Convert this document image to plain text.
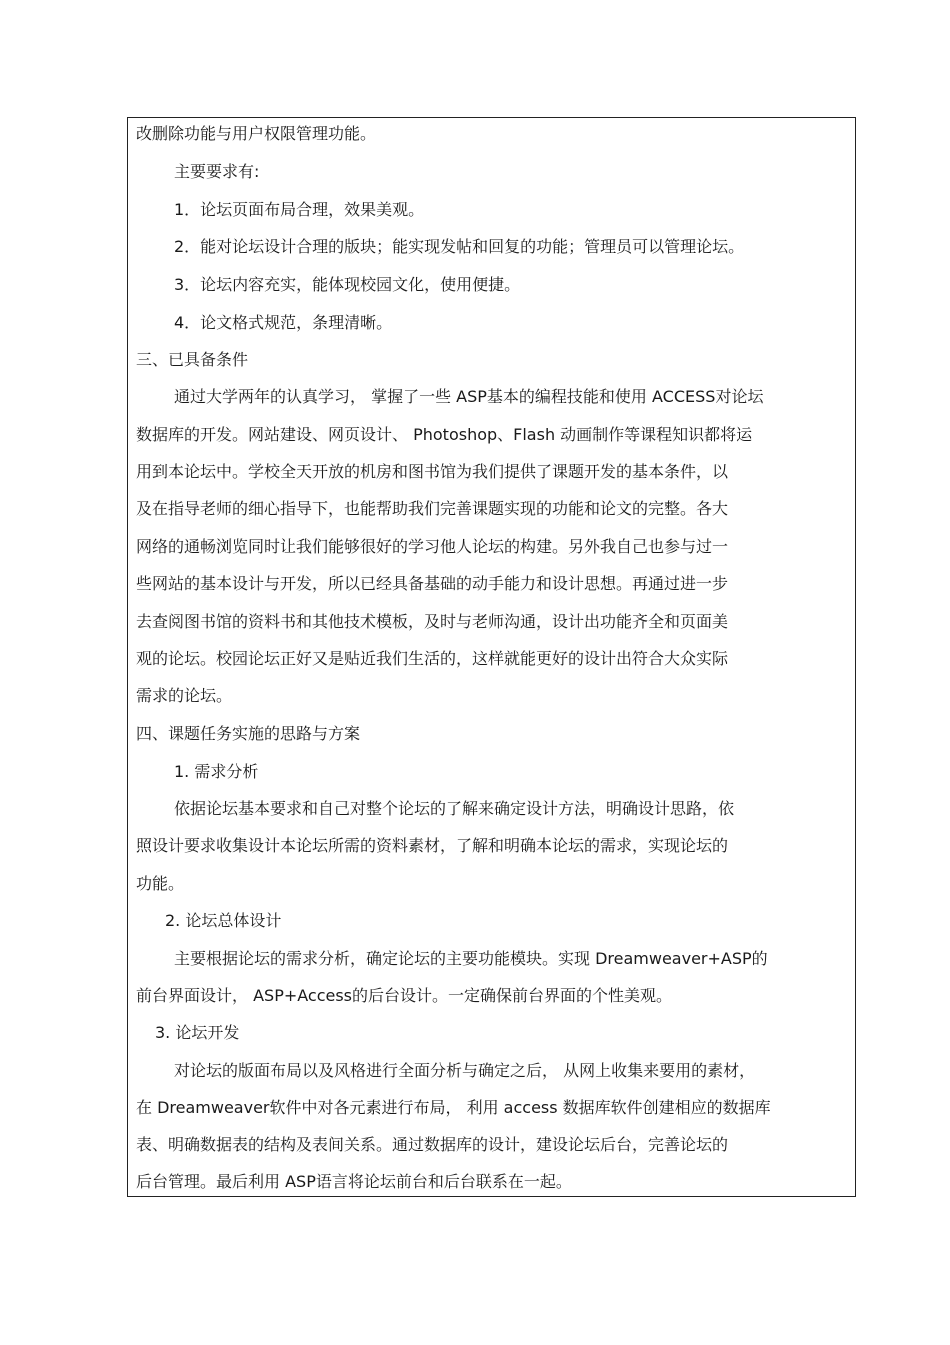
改删除功能与用户权限管理功能。
主要要求有:
1．论坛页面布局合理，效果美观。
2．能对论坛设计合理的版块；能实现发帖和回复的功能；管理员可以管理论坛。
3．论坛内容充实，能体现校园文化，使用便捷。
4．论文格式规范，条理清晰。
三、已具备条件
通过大学两年的认真学习， 掌握了一些 ASP基本的编程技能和使用 ACCESS对论坛
数据库的开发。网站建设、网页设计、 Photoshop、Flash 动画制作等课程知识都将运
用到本论坛中。学校全天开放的机房和图书馆为我们提供了课题开发的基本条件，以
及在指导老师的细心指导下，也能帮助我们完善课题实现的功能和论文的完整。各大
网络的通畅浏览同时让我们能够很好的学习他人论坛的构建。另外我自己也参与过一
些网站的基本设计与开发，所以已经具备基础的动手能力和设计思想。再通过进一步
去查阅图书馆的资料书和其他技术模板，及时与老师沟通，设计出功能齐全和页面美
观的论坛。校园论坛正好又是贴近我们生活的，这样就能更好的设计出符合大众实际
需求的论坛。
四、课题任务实施的思路与方案
1. 需求分析
依据论坛基本要求和自己对整个论坛的了解来确定设计方法，明确设计思路，依
照设计要求收集设计本论坛所需的资料素材，了解和明确本论坛的需求，实现论坛的
功能。
2. 论坛总体设计
主要根据论坛的需求分析，确定论坛的主要功能模块。实现 Dreamweaver+ASP的
前台界面设计， ASP+Access的后台设计。一定确保前台界面的个性美观。
3. 论坛开发
对论坛的版面布局以及风格进行全面分析与确定之后， 从网上收集来要用的素材，
在 Dreamweaver软件中对各元素进行布局， 利用 access 数据库软件创建相应的数据库
表、明确数据表的结构及表间关系。通过数据库的设计，建设论坛后台，完善论坛的
后台管理。最后利用 ASP语言将论坛前台和后台联系在一起。
